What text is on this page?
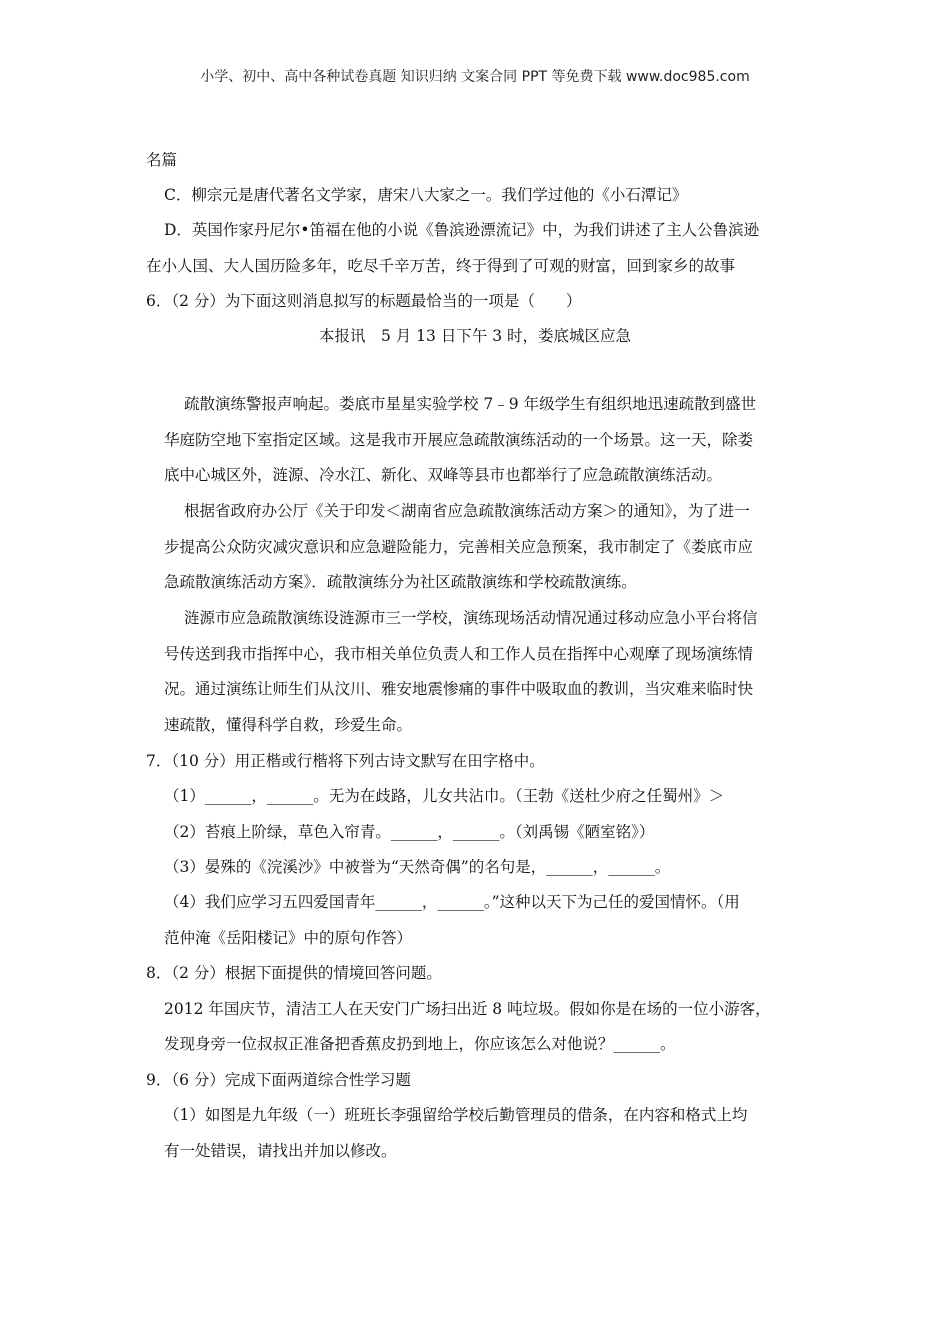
小学、初中、高中各种试卷真题 知识归纳 文案合同 PPT 等免费下载 www.doc985.com
名篇
C．柳宗元是唐代著名文学家，唐宋八大家之一。我们学过他的《小石潭记》
D．英国作家丹尼尔•笛福在他的小说《鲁滨逊漂流记》中，为我们讲述了主人公鲁滨逊
在小人国、大人国历险多年，吃尽千辛万苦，终于得到了可观的财富，回到家乡的故事
6．（2 分）为下面这则消息拟写的标题最恰当的一项是（　　）
本报讯　5 月 13 日下午 3 时，娄底城区应急
疏散演练警报声响起。娄底市星星实验学校 7﹣9 年级学生有组织地迅速疏散到盛世
华庭防空地下室指定区域。这是我市开展应急疏散演练活动的一个场景。这一天，除娄
底中心城区外，涟源、冷水江、新化、双峰等县市也都举行了应急疏散演练活动。
根据省政府办公厅《关于印发＜湖南省应急疏散演练活动方案＞的通知》，为了进一
步提高公众防灾减灾意识和应急避险能力，完善相关应急预案，我市制定了《娄底市应
急疏散演练活动方案》．疏散演练分为社区疏散演练和学校疏散演练。
涟源市应急疏散演练设涟源市三一学校，演练现场活动情况通过移动应急小平台将信
号传送到我市指挥中心，我市相关单位负责人和工作人员在指挥中心观摩了现场演练情
况。通过演练让师生们从汶川、雅安地震惨痛的事件中吸取血的教训，当灾难来临时快
速疏散，懂得科学自救，珍爱生命。
7．（10 分）用正楷或行楷将下列古诗文默写在田字格中。
（1）______，______。无为在歧路，儿女共沾巾。（王勃《送杜少府之任蜀州》＞
（2）苔痕上阶绿，草色入帘青。______，______。（刘禹锡《陋室铭》）
（3）晏殊的《浣溪沙》中被誉为“天然奇偶”的名句是，______，______。
（4）我们应学习五四爱国青年______，______。”这种以天下为己任的爱国情怀。（用
范仲淹《岳阳楼记》中的原句作答）
8．（2 分）根据下面提供的情境回答问题。
2012 年国庆节，清洁工人在天安门广场扫出近 8 吨垃圾。假如你是在场的一位小游客，
发现身旁一位叔叔正准备把香蕉皮扔到地上，你应该怎么对他说？______。
9．（6 分）完成下面两道综合性学习题
（1）如图是九年级（一）班班长李强留给学校后勤管理员的借条，在内容和格式上均
有一处错误，请找出并加以修改。
